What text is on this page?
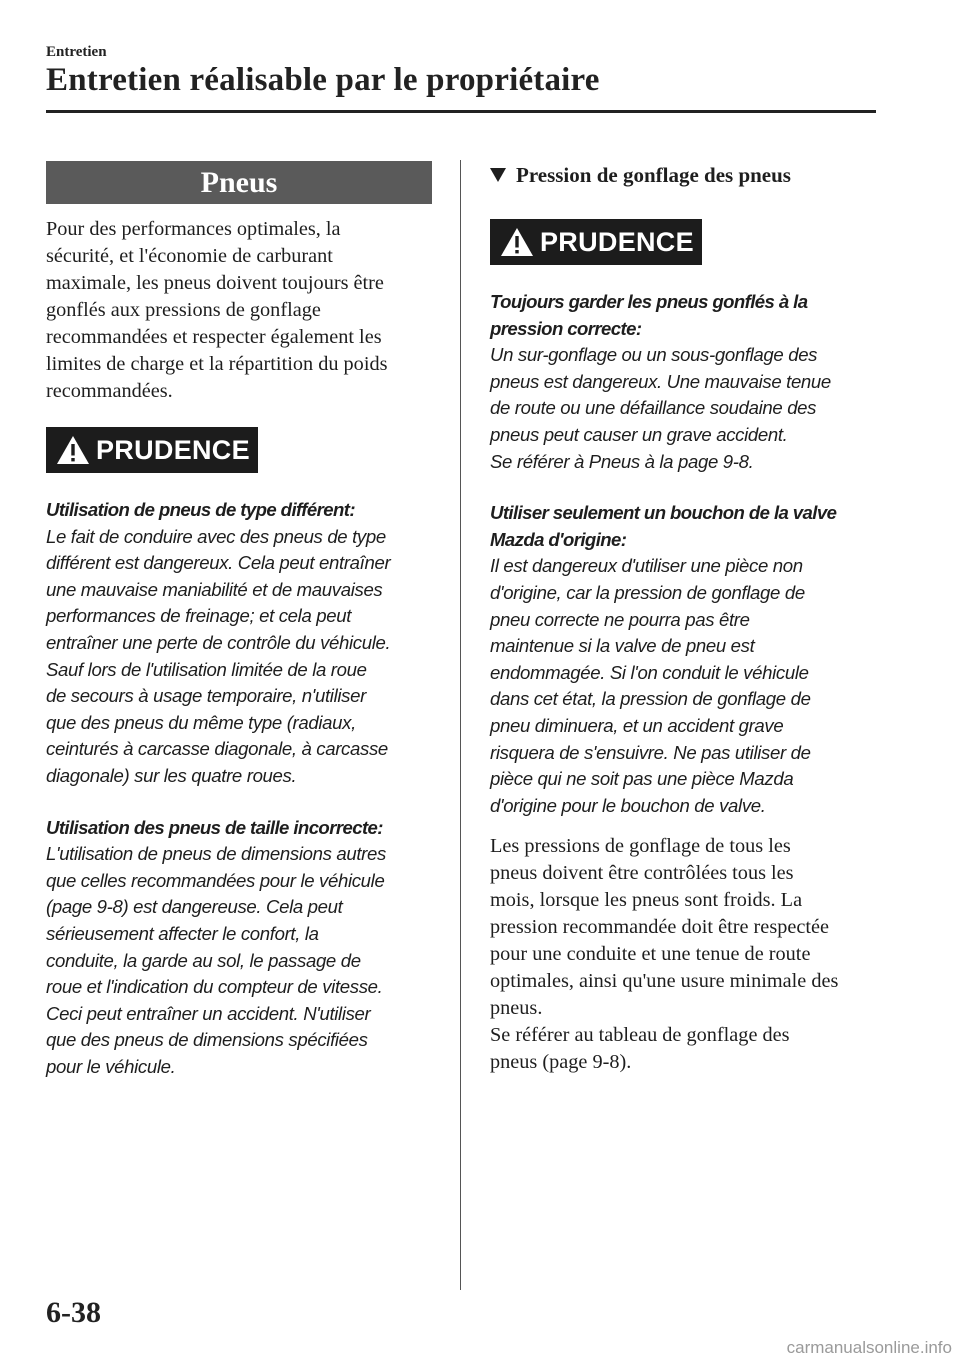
Entretien
Entretien réalisable par le propriétaire
Pneus

Pour des performances optimales, la
sécurité, et l'économie de carburant
maximale, les pneus doivent toujours être
gonflés aux pressions de gonflage
recommandées et respecter également les
limites de charge et la répartition du poids
recommandées.

PRUDENCE

Utilisation de pneus de type différent:
Le fait de conduire avec des pneus de type
différent est dangereux. Cela peut entraîner
une mauvaise maniabilité et de mauvaises
performances de freinage; et cela peut
entraîner une perte de contrôle du véhicule.
Sauf lors de l'utilisation limitée de la roue
de secours à usage temporaire, n'utiliser
que des pneus du même type (radiaux,
ceinturés à carcasse diagonale, à carcasse
diagonale) sur les quatre roues.

Utilisation des pneus de taille incorrecte:
L'utilisation de pneus de dimensions autres
que celles recommandées pour le véhicule
(page 9-8) est dangereuse. Cela peut
sérieusement affecter le confort, la
conduite, la garde au sol, le passage de
roue et l'indication du compteur de vitesse.
Ceci peut entraîner un accident. N'utiliser
que des pneus de dimensions spécifiées
pour le véhicule.

Pression de gonflage des pneus

PRUDENCE

Toujours garder les pneus gonflés à la
pression correcte:
Un sur-gonflage ou un sous-gonflage des
pneus est dangereux. Une mauvaise tenue
de route ou une défaillance soudaine des
pneus peut causer un grave accident.
Se référer à Pneus à la page 9-8.

Utiliser seulement un bouchon de la valve
Mazda d'origine:
Il est dangereux d'utiliser une pièce non
d'origine, car la pression de gonflage de
pneu correcte ne pourra pas être
maintenue si la valve de pneu est
endommagée. Si l'on conduit le véhicule
dans cet état, la pression de gonflage de
pneu diminuera, et un accident grave
risquera de s'ensuivre. Ne pas utiliser de
pièce qui ne soit pas une pièce Mazda
d'origine pour le bouchon de valve.

Les pressions de gonflage de tous les
pneus doivent être contrôlées tous les
mois, lorsque les pneus sont froids. La
pression recommandée doit être respectée
pour une conduite et une tenue de route
optimales, ainsi qu'une usure minimale des
pneus.
Se référer au tableau de gonflage des
pneus (page 9-8).

6-38
carmanualsonline.info
